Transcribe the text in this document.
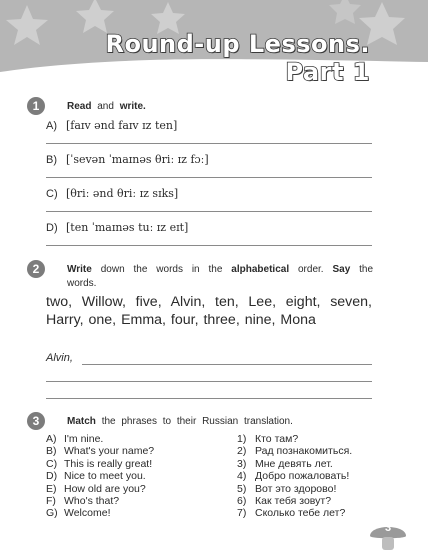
Round-up Lessons.
Part 1
1	Read and write.
A) [faɪv ənd faɪv ɪz ten]
B) [ˈsevən ˈmaɪnəs θriː ɪz fɔː]
C) [θriː ənd θriː ɪz sɪks]
D) [ten ˈmaɪnəs tuː ɪz eɪt]
2	Write down the words in the alphabetical order. Say the words.
two, Willow, five, Alvin, ten, Lee, eight, seven, Harry, one, Emma, four, three, nine, Mona
Alvin,
3	Match the phrases to their Russian translation.
A) I'm nine.
B) What's your name?
C) This is really great!
D) Nice to meet you.
E) How old are you?
F) Who's that?
G) Welcome!
1) Кто там?
2) Рад познакомиться.
3) Мне девять лет.
4) Добро пожаловать!
5) Вот это здорово!
6) Как тебя зовут?
7) Сколько тебе лет?
3
